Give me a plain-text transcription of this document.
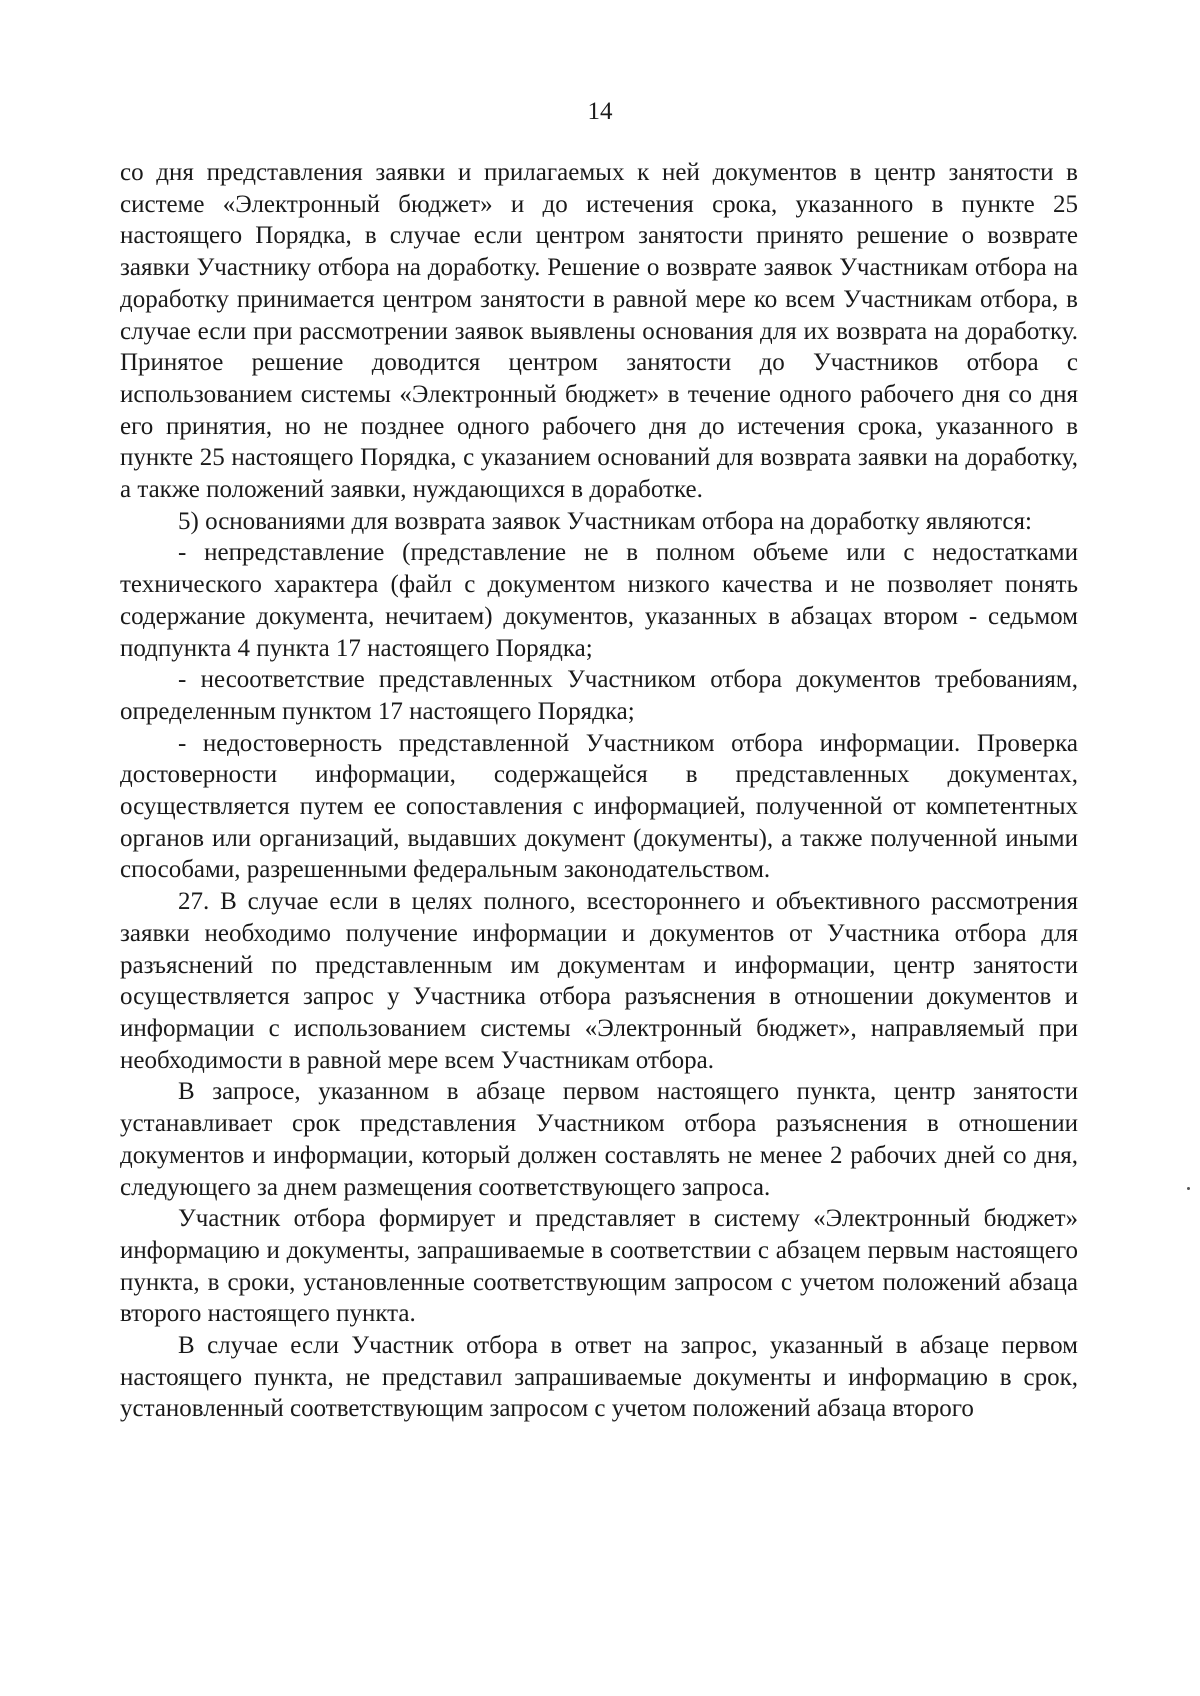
14

со дня представления заявки и прилагаемых к ней документов в центр занятости в системе «Электронный бюджет» и до истечения срока, указанного в пункте 25 настоящего Порядка, в случае если центром занятости принято решение о возврате заявки Участнику отбора на доработку. Решение о возврате заявок Участникам отбора на доработку принимается центром занятости в равной мере ко всем Участникам отбора, в случае если при рассмотрении заявок выявлены основания для их возврата на доработку. Принятое решение доводится центром занятости до Участников отбора с использованием системы «Электронный бюджет» в течение одного рабочего дня со дня его принятия, но не позднее одного рабочего дня до истечения срока, указанного в пункте 25 настоящего Порядка, с указанием оснований для возврата заявки на доработку, а также положений заявки, нуждающихся в доработке.

5) основаниями для возврата заявок Участникам отбора на доработку являются:

- непредставление (представление не в полном объеме или с недостатками технического характера (файл с документом низкого качества и не позволяет понять содержание документа, нечитаем) документов, указанных в абзацах втором - седьмом подпункта 4 пункта 17 настоящего Порядка;

- несоответствие представленных Участником отбора документов требованиям, определенным пунктом 17 настоящего Порядка;

- недостоверность представленной Участником отбора информации. Проверка достоверности информации, содержащейся в представленных документах, осуществляется путем ее сопоставления с информацией, полученной от компетентных органов или организаций, выдавших документ (документы), а также полученной иными способами, разрешенными федеральным законодательством.

27. В случае если в целях полного, всестороннего и объективного рассмотрения заявки необходимо получение информации и документов от Участника отбора для разъяснений по представленным им документам и информации, центр занятости осуществляется запрос у Участника отбора разъяснения в отношении документов и информации с использованием системы «Электронный бюджет», направляемый при необходимости в равной мере всем Участникам отбора.

В запросе, указанном в абзаце первом настоящего пункта, центр занятости устанавливает срок представления Участником отбора разъяснения в отношении документов и информации, который должен составлять не менее 2 рабочих дней со дня, следующего за днем размещения соответствующего запроса.

Участник отбора формирует и представляет в систему «Электронный бюджет» информацию и документы, запрашиваемые в соответствии с абзацем первым настоящего пункта, в сроки, установленные соответствующим запросом с учетом положений абзаца второго настоящего пункта.

В случае если Участник отбора в ответ на запрос, указанный в абзаце первом настоящего пункта, не представил запрашиваемые документы и информацию в срок, установленный соответствующим запросом с учетом положений абзаца второго
